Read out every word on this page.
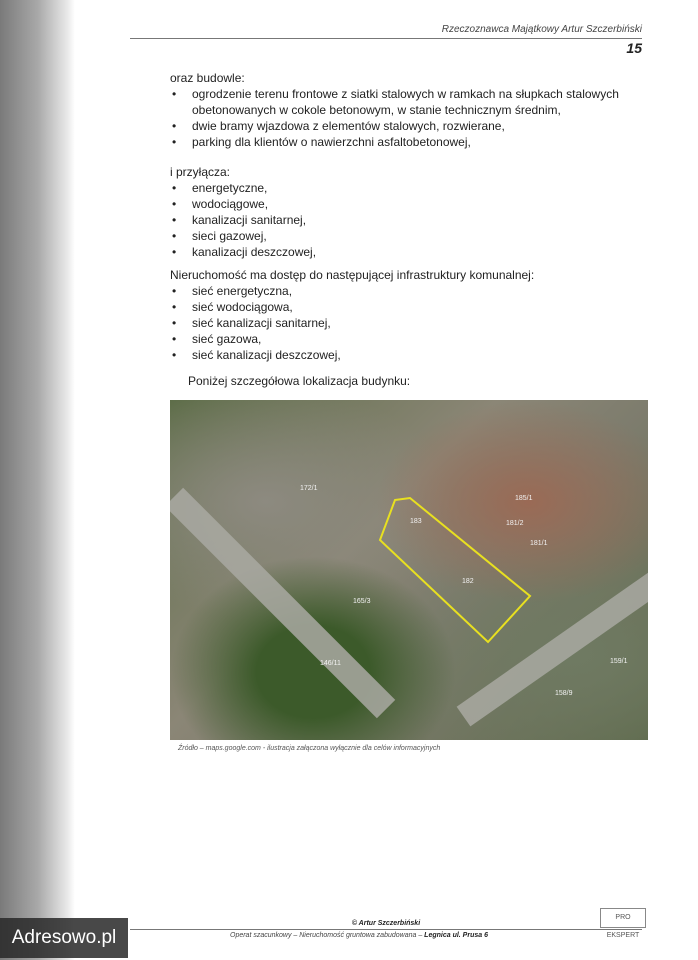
Rzeczoznawca Majątkowy Artur Szczerbiński
15
oraz budowle:
• ogrodzenie terenu frontowe z siatki stalowych w ramkach na słupkach stalowych obetonowanych w cokole betonowym, w stanie technicznym średnim,
• dwie bramy wjazdowa z elementów stalowych, rozwierane,
• parking dla klientów o nawierzchni asfaltobetonowej,
i przyłącza:
• energetyczne,
• wodociągowe,
• kanalizacji sanitarnej,
• sieci gazowej,
• kanalizacji deszczowej,
Nieruchomość ma dostęp do następującej infrastruktury komunalnej:
• sieć energetyczna,
• sieć wodociągowa,
• sieć kanalizacji sanitarnej,
• sieć gazowa,
• sieć kanalizacji deszczowej,
Poniżej szczegółowa lokalizacja budynku:
183
182
181/1
181/2
185/1
172/1
165/3
146/11
158/9
159/1
Źródło – maps.google.com - ilustracja załączona wyłącznie dla celów informacyjnych
© Artur Szczerbiński
Operat szacunkowy – Nieruchomość gruntowa zabudowana – Legnica ul. Prusa 6
PRO EKSPERT
Adresowo.pl
